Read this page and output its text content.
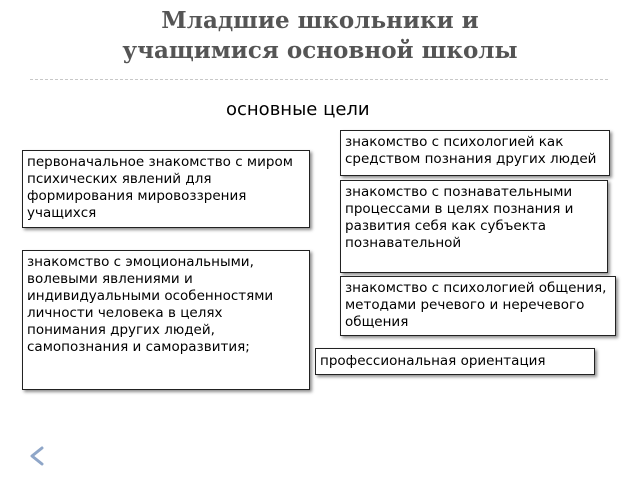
Младшие школьники и
учащимися основной школы
основные цели
знакомство с психологией как средством познания других людей
первоначальное знакомство с миром психических явлений для формирования мировоззрения учащихся
знакомство с познавательными процессами в целях познания и развития себя как субъекта познавательной
знакомство с эмоциональными, волевыми явлениями и индивидуальными особенностями личности человека в целях понимания других людей, самопознания и саморазвития;
знакомство с психологией общения, методами речевого и неречевого общения
профессиональная ориентация
